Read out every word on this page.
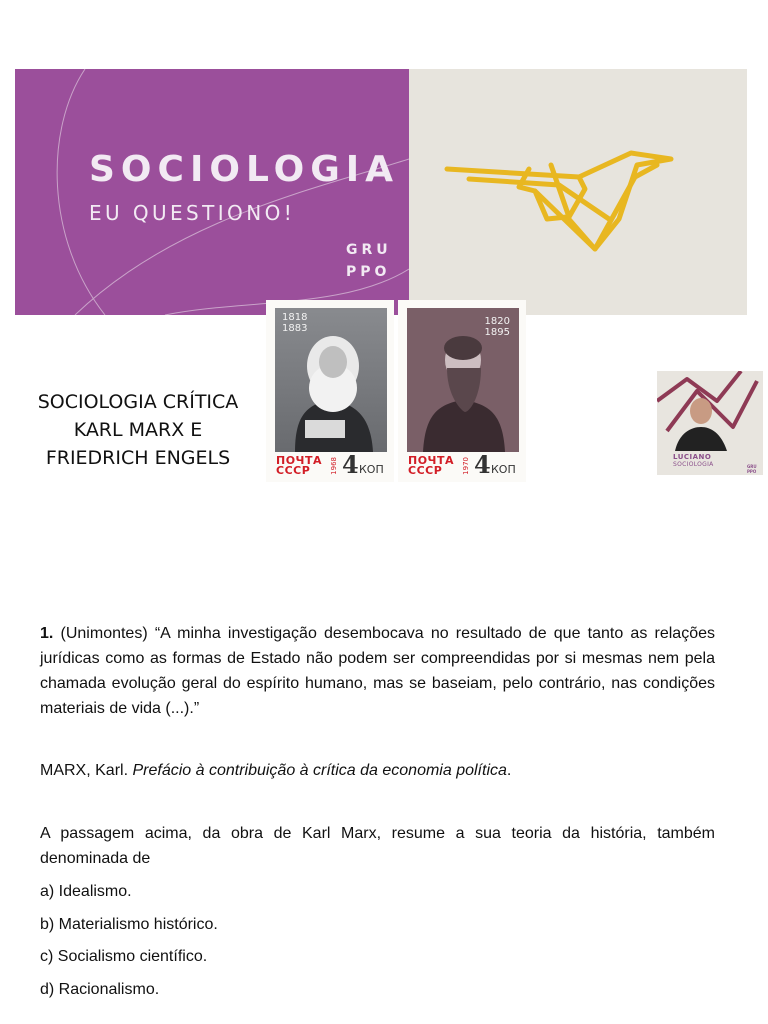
SOCIOLOGIA

EU QUESTIONO!

GRU
PPO
1818
1883
ПОЧТА
СССР	1968 4 КОП
1820
1895
ПОЧТА
СССР	1970 4 КОП
SOCIOLOGIA CRÍTICA
KARL MARX E
FRIEDRICH ENGELS	LUCIANO
SOCIOLOGIA	GRU
PPO

1. (Unimontes) “A minha investigação desembocava no resultado de que tanto as relações jurídicas como as formas de Estado não podem ser compreendidas por si mesmas nem pela chamada evolução geral do espírito humano, mas se baseiam, pelo contrário, nas condições materiais de vida (...).”

MARX, Karl. Prefácio à contribuição à crítica da economia política.

A passagem acima, da obra de Karl Marx, resume a sua teoria da história, também denominada de

a) Idealismo.
b) Materialismo histórico.
c) Socialismo científico.
d) Racionalismo.
